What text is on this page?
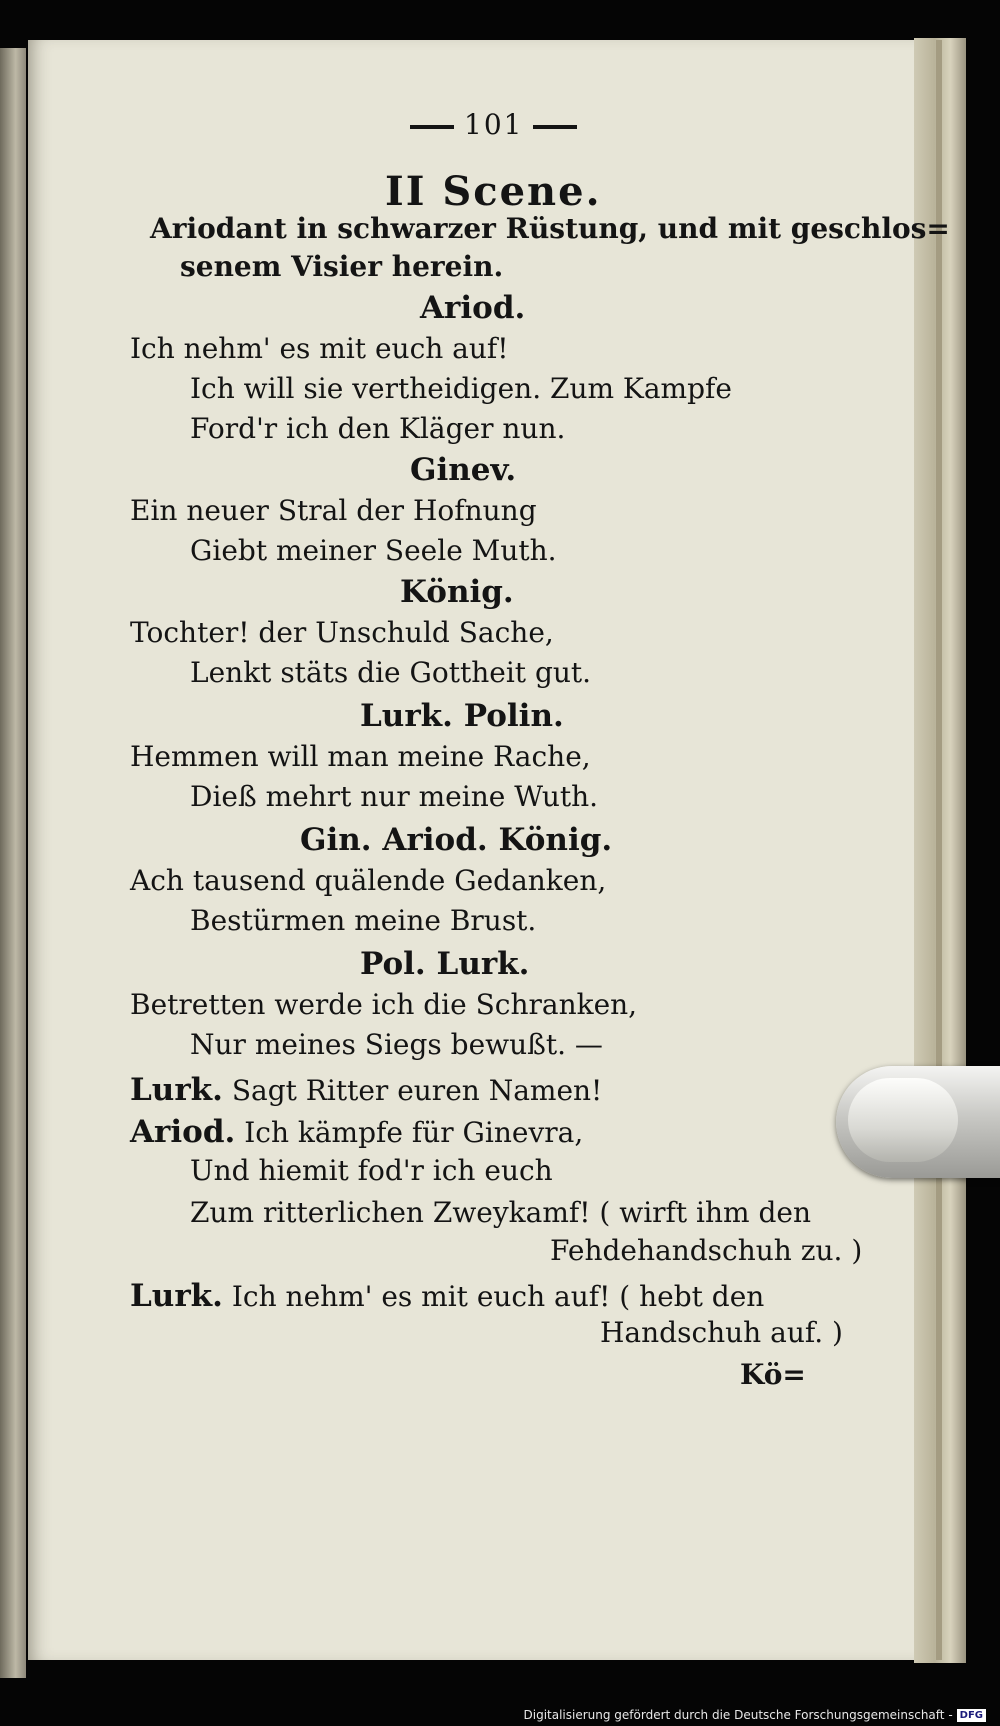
101
II Scene.
Ariodant in schwarzer Rüstung, und mit geschlos=
senem Visier herein.
Ariod.
Ich nehm' es mit euch auf!
Ich will sie vertheidigen. Zum Kampfe
Ford'r ich den Kläger nun.
Ginev.
Ein neuer Stral der Hofnung
Giebt meiner Seele Muth.
König.
Tochter! der Unschuld Sache,
Lenkt stäts die Gottheit gut.
Lurk. Polin.
Hemmen will man meine Rache,
Dieß mehrt nur meine Wuth.
Gin. Ariod. König.
Ach tausend quälende Gedanken,
Bestürmen meine Brust.
Pol. Lurk.
Betretten werde ich die Schranken,
Nur meines Siegs bewußt. —
Lurk. Sagt Ritter euren Namen!
Ariod. Ich kämpfe für Ginevra,
Und hiemit fod'r ich euch
Zum ritterlichen Zweykamf! ( wirft ihm den
Fehdehandschuh zu. )
Lurk. Ich nehm' es mit euch auf! ( hebt den
Handschuh auf. )
Kö=
Digitalisierung gefördert durch die Deutsche Forschungsgemeinschaft - DFG
